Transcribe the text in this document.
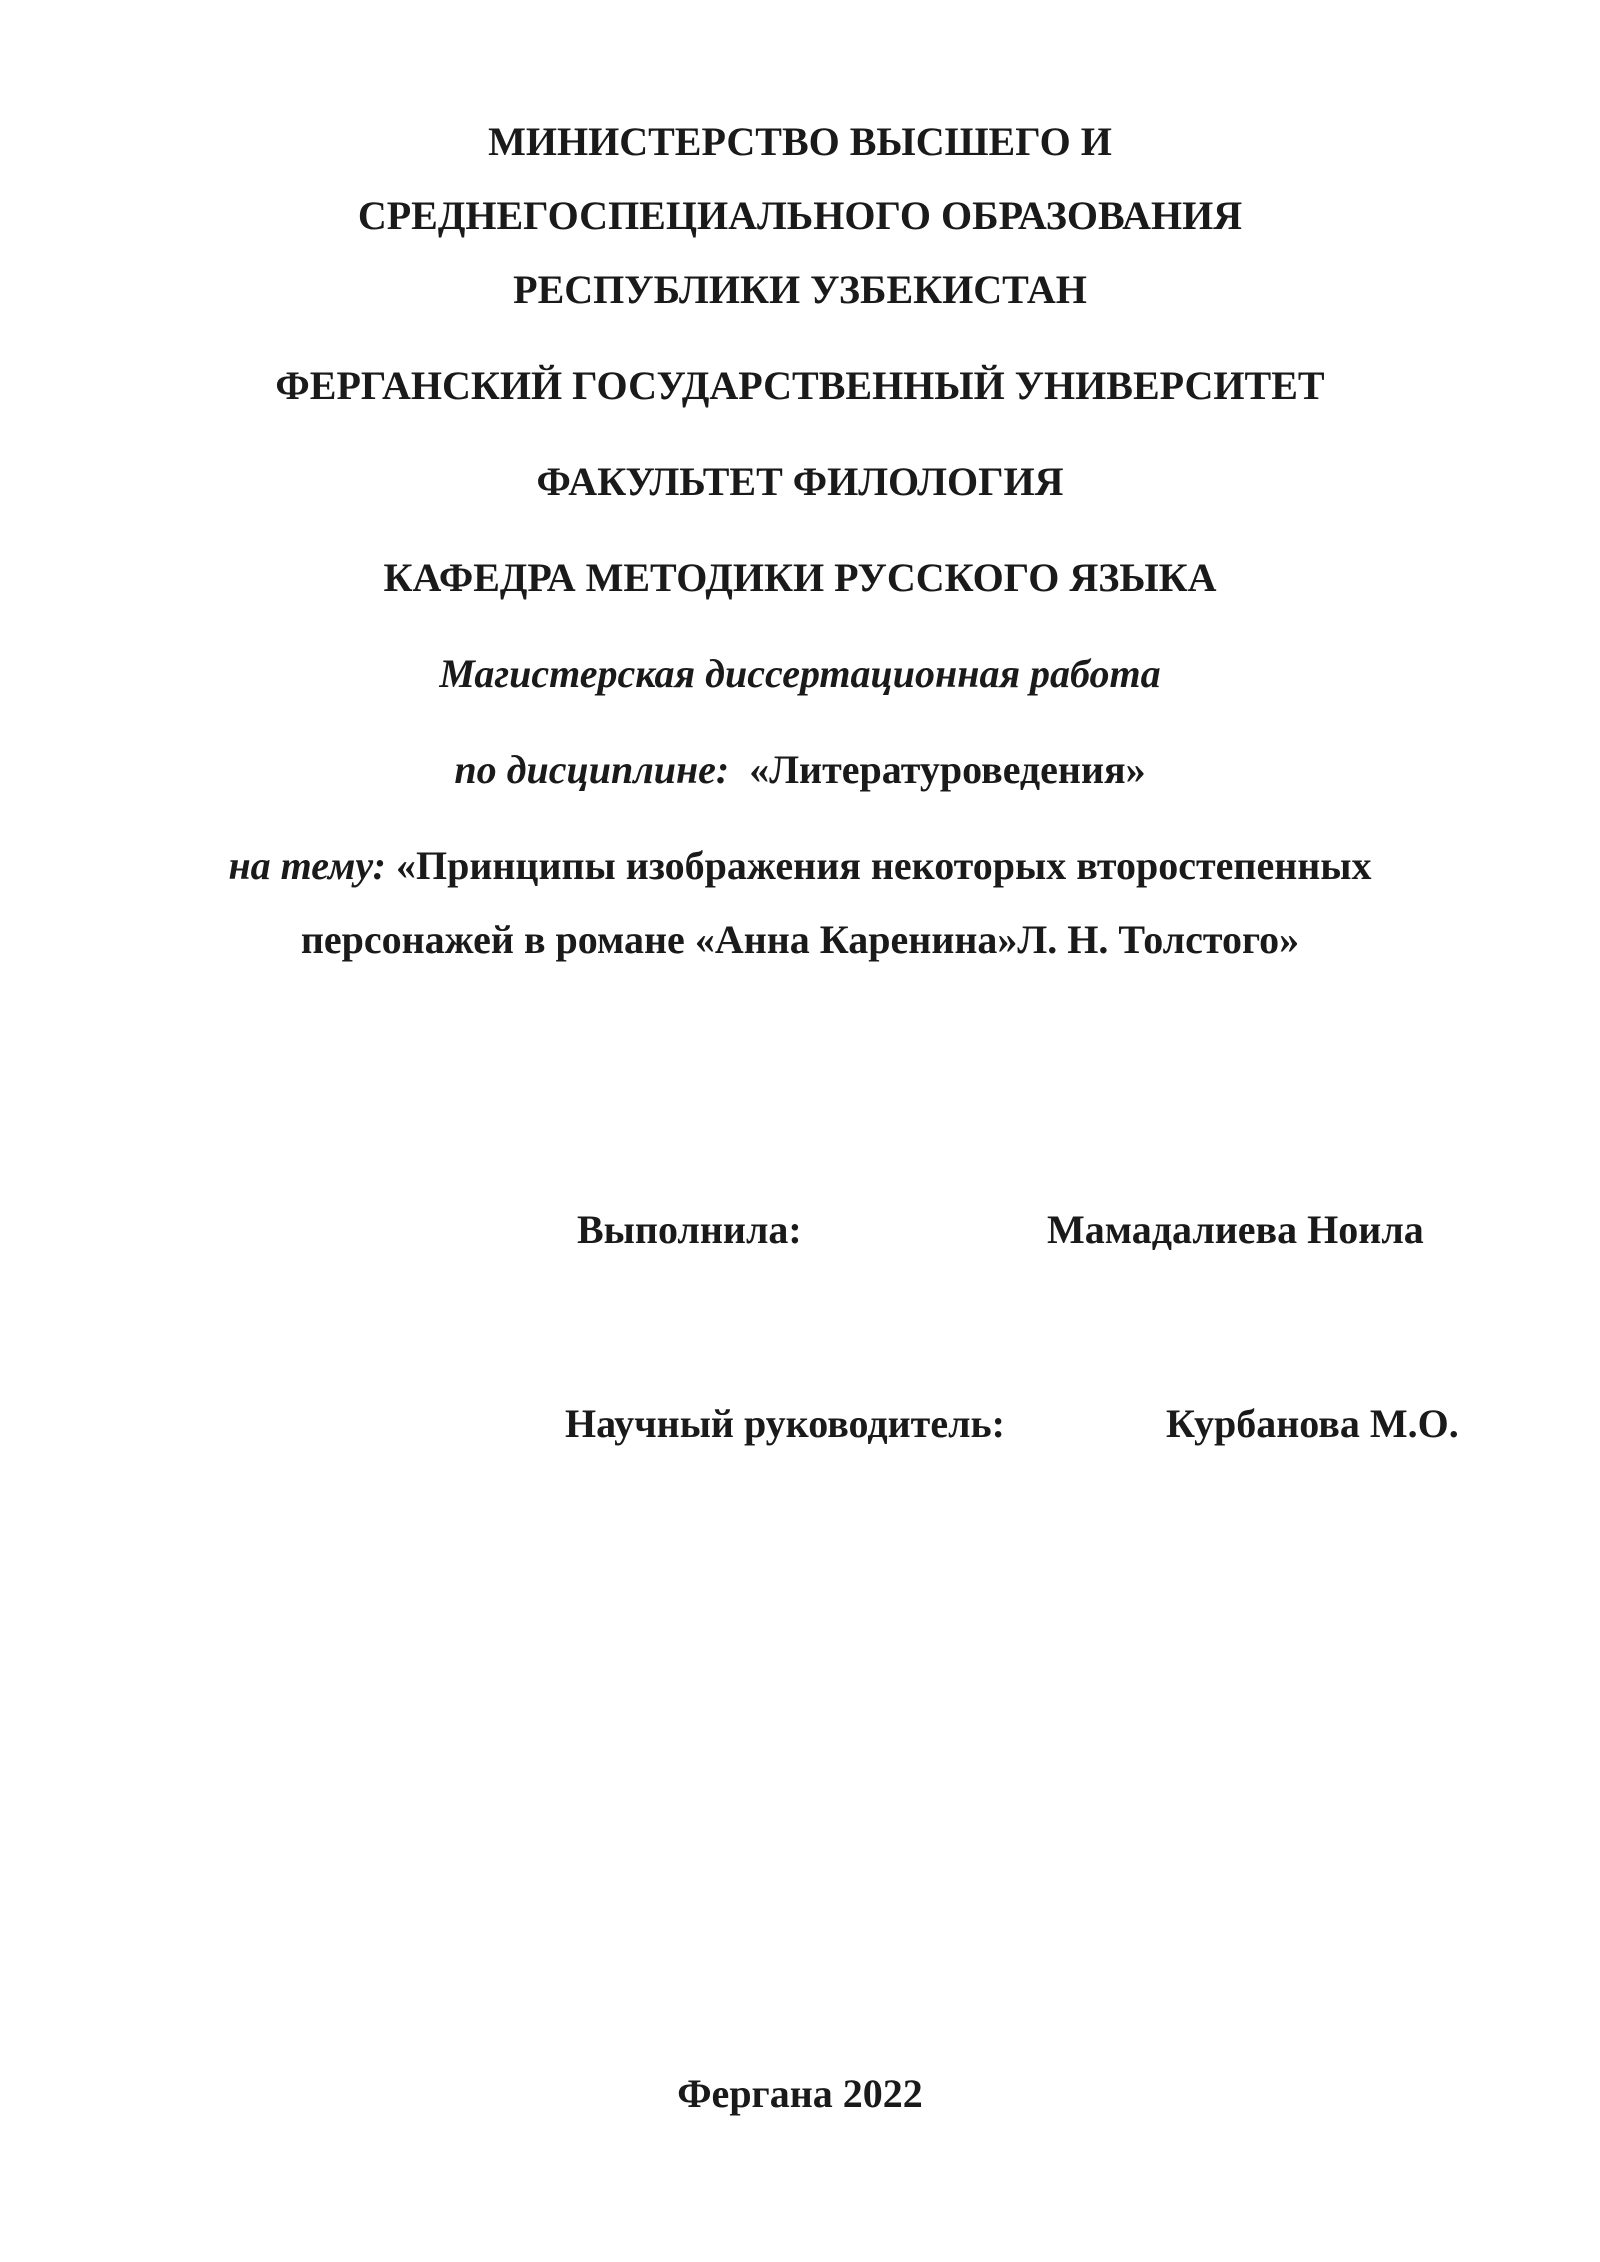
МИНИСТЕРСТВО ВЫСШЕГО И
СРЕДНЕГОСПЕЦИАЛЬНОГО ОБРАЗОВАНИЯ
РЕСПУБЛИКИ УЗБЕКИСТАН
ФЕРГАНСКИЙ ГОСУДАРСТВЕННЫЙ УНИВЕРСИТЕТ
ФАКУЛЬТЕТ ФИЛОЛОГИЯ
КАФЕДРА МЕТОДИКИ РУССКОГО ЯЗЫКА
Магистерская диссертационная работа
по дисциплине: «Литературоведения»
на тему: «Принципы изображения некоторых второстепенных
персонажей в романе «Анна Каренина»Л. Н. Толстого»
Выполнила:	Мамадалиева Ноила
Научный руководитель:	Курбанова М.О.
Фергана 2022
